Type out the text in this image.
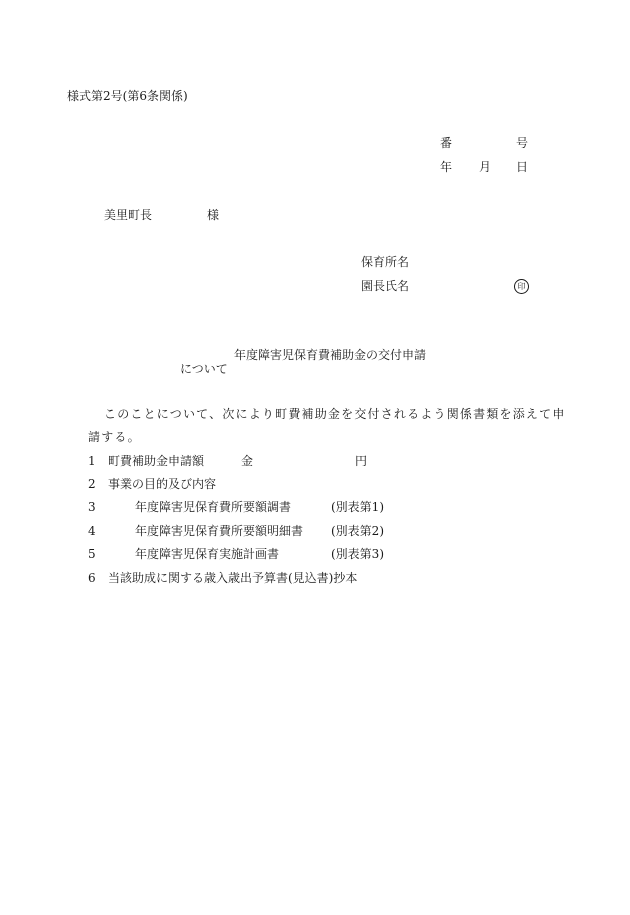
様式第2号(第6条関係)
番	号
年 月 日
美里町長	様
保育所名
園長氏名	印
年度障害児保育費補助金の交付申請
について
このことについて、次により町費補助金を交付されるよう関係書類を添えて申
請する。
1 町費補助金申請額	金	円
2 事業の目的及び内容
3	年度障害児保育費所要額調書	(別表第1)
4	年度障害児保育費所要額明細書 (別表第2)
5	年度障害児保育実施計画書	(別表第3)
6 当該助成に関する歳入歳出予算書(見込書)抄本
